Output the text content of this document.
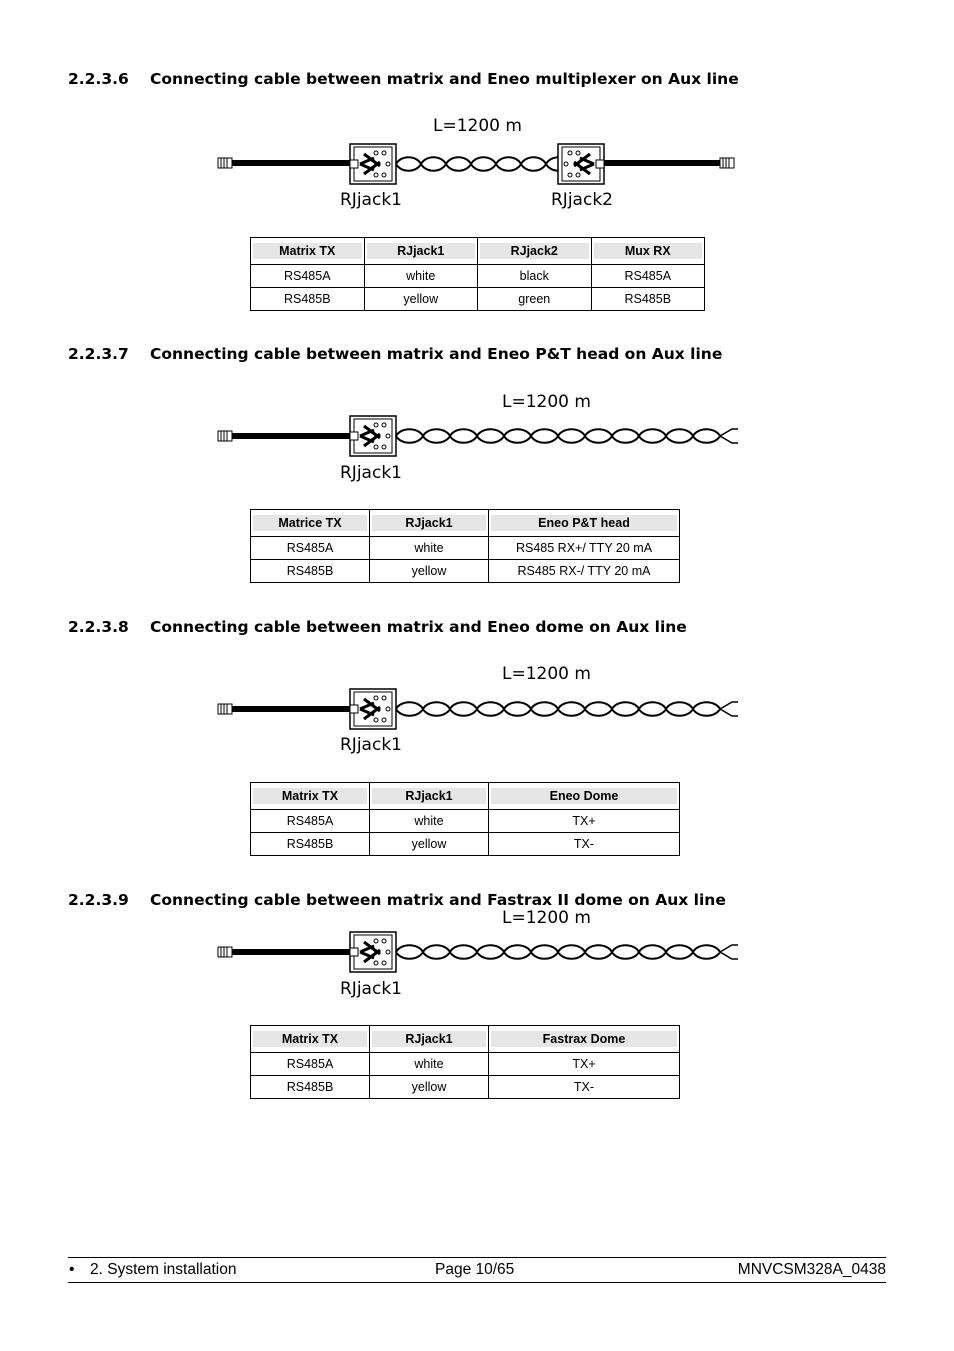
2.2.3.6 Connecting cable between matrix and Eneo multiplexer on Aux line
L=1200 m
RJjack1	RJjack2
Matrix TX	RJjack1	RJjack2	Mux RX

RS485A	white	black	RS485A
RS485B	yellow	green	RS485B
2.2.3.7 Connecting cable between matrix and Eneo P&T head on Aux line
L=1200 m
RJjack1
Matrice TX	RJjack1	Eneo P&T head

RS485A	white	RS485 RX+/ TTY 20 mA
RS485B	yellow	RS485 RX-/ TTY 20 mA
2.2.3.8 Connecting cable between matrix and Eneo dome on Aux line
L=1200 m
RJjack1
Matrix TX	RJjack1	Eneo Dome

RS485A	white	TX+
RS485B	yellow	TX-
2.2.3.9 Connecting cable between matrix and Fastrax II dome on Aux line
L=1200 m
RJjack1
Matrix TX	RJjack1	Fastrax Dome

RS485A	white	TX+
RS485B	yellow	TX-
• 2. System installation	Page 10/65	MNVCSM328A_0438
